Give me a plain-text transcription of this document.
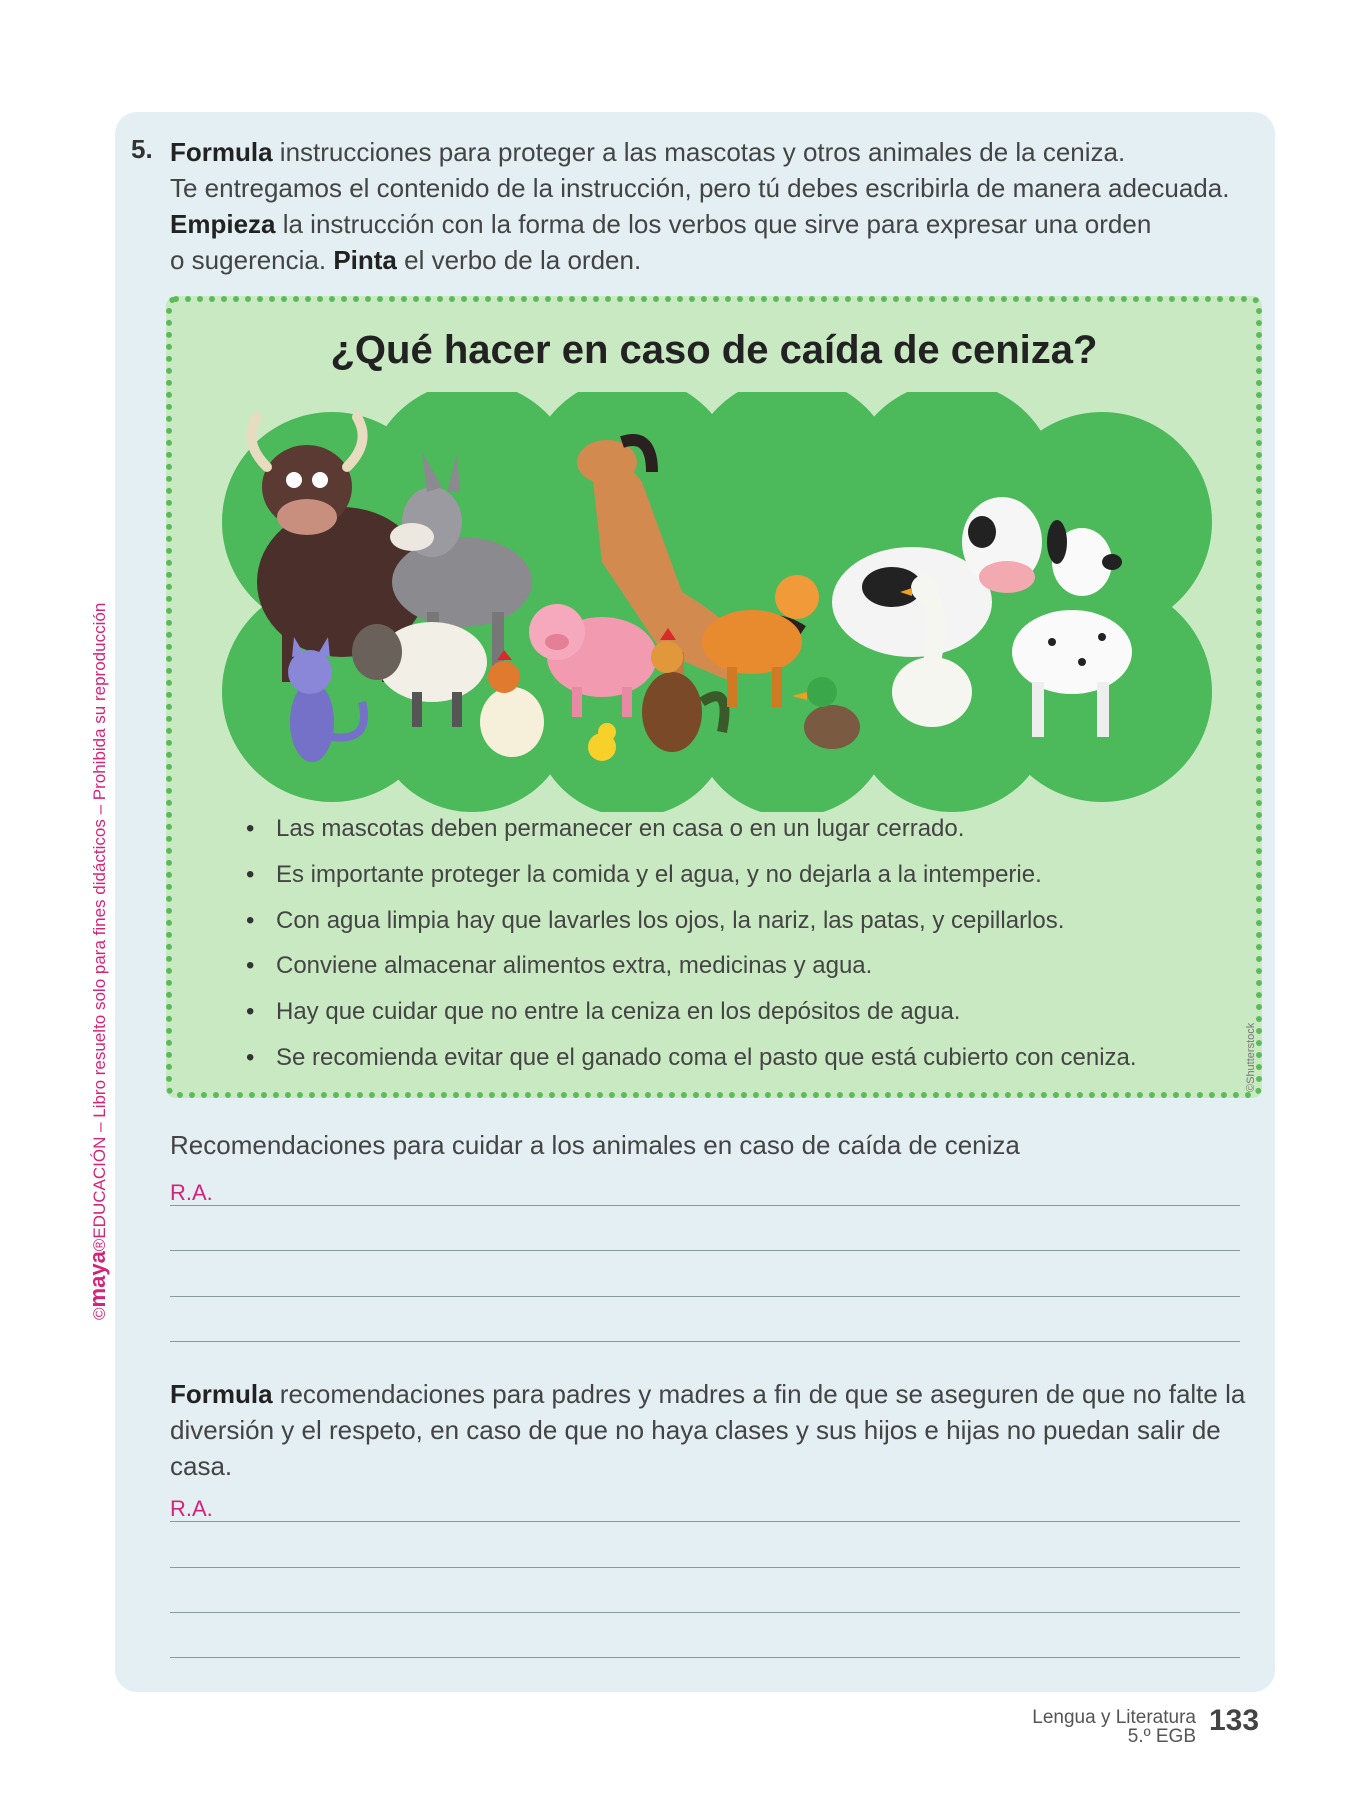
©maya®EDUCACIÓN – Libro resuelto solo para fines didácticos – Prohibida su reproducción
5. Formula instrucciones para proteger a las mascotas y otros animales de la ceniza.
Te entregamos el contenido de la instrucción, pero tú debes escribirla de manera adecuada.
Empieza la instrucción con la forma de los verbos que sirve para expresar una orden
o sugerencia. Pinta el verbo de la orden.
¿Qué hacer en caso de caída de ceniza?
©Shutterstock
• Las mascotas deben permanecer en casa o en un lugar cerrado.
• Es importante proteger la comida y el agua, y no dejarla a la intemperie.
• Con agua limpia hay que lavarles los ojos, la nariz, las patas, y cepillarlos.
• Conviene almacenar alimentos extra, medicinas y agua.
• Hay que cuidar que no entre la ceniza en los depósitos de agua.
• Se recomienda evitar que el ganado coma el pasto que está cubierto con ceniza.
Recomendaciones para cuidar a los animales en caso de caída de ceniza
R.A.
Formula recomendaciones para padres y madres a fin de que se aseguren de que no falte la diversión y el respeto, en caso de que no haya clases y sus hijos e hijas no puedan salir de casa.
R.A.
Lengua y Literatura
5.º EGB 133
